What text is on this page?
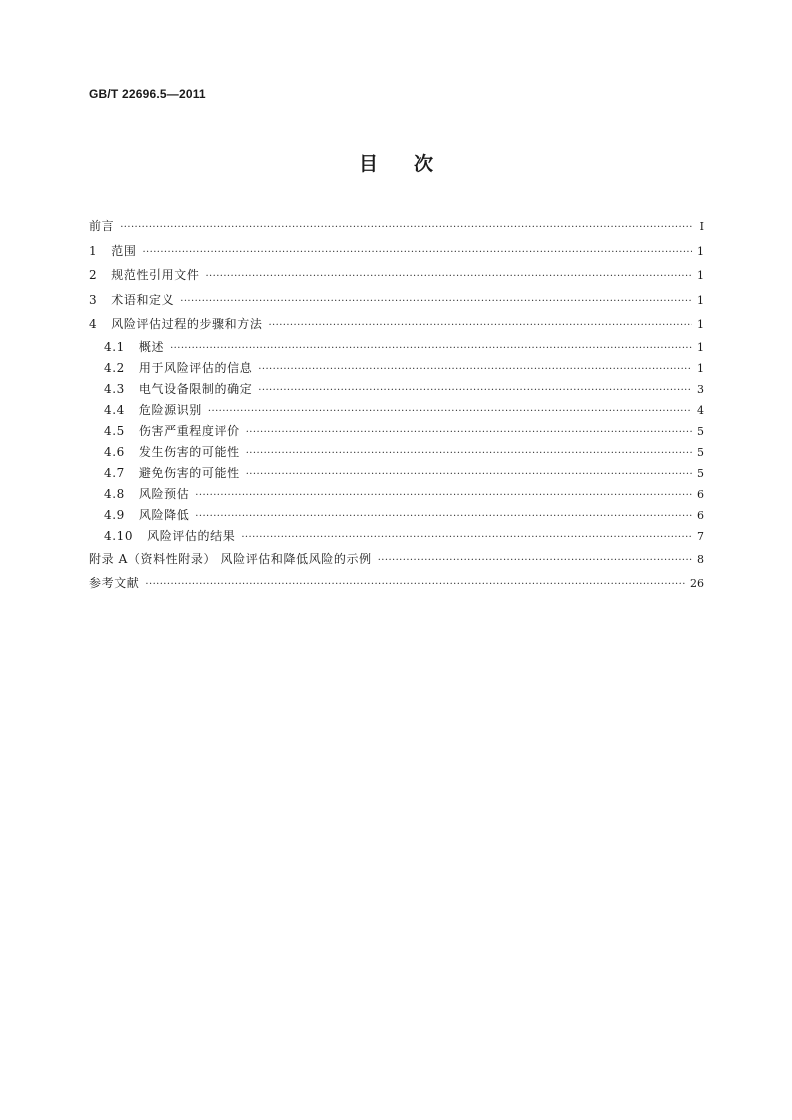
GB/T 22696.5—2011
目次
前言 ·····	Ⅰ
1 范围 ·····	1
2 规范性引用文件 ·····	1
3 术语和定义 ·····	1
4 风险评估过程的步骤和方法 ·····	1
4.1 概述 ·····	1
4.2 用于风险评估的信息 ·····	1
4.3 电气设备限制的确定 ·····	3
4.4 危险源识别 ·····	4
4.5 伤害严重程度评价 ·····	5
4.6 发生伤害的可能性 ·····	5
4.7 避免伤害的可能性 ·····	5
4.8 风险预估 ·····	6
4.9 风险降低 ·····	6
4.10 风险评估的结果 ·····	7
附录 A（资料性附录） 风险评估和降低风险的示例 ·····	8
参考文献 ·····	26
